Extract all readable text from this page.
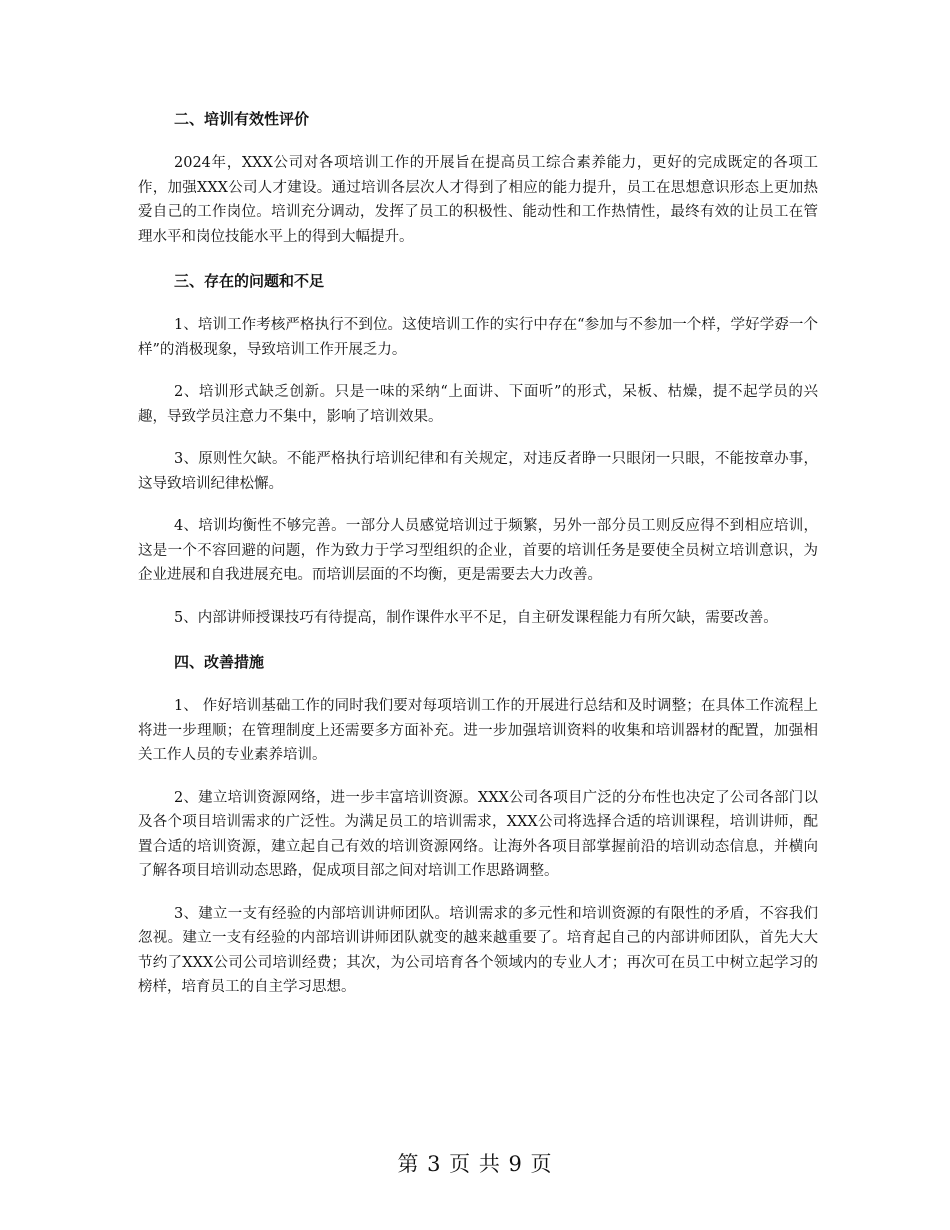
二、培训有效性评价

2024年，XXX公司对各项培训工作的开展旨在提高员工综合素养能力，更好的完成既定的各项工作，加强XXX公司人才建设。通过培训各层次人才得到了相应的能力提升，员工在思想意识形态上更加热爱自己的工作岗位。培训充分调动，发挥了员工的积极性、能动性和工作热情性，最终有效的让员工在管理水平和岗位技能水平上的得到大幅提升。

三、存在的问题和不足

1、培训工作考核严格执行不到位。这使培训工作的实行中存在“参加与不参加一个样，学好学孬一个样”的消极现象，导致培训工作开展乏力。

2、培训形式缺乏创新。只是一味的采纳“上面讲、下面听”的形式，呆板、枯燥，提不起学员的兴趣，导致学员注意力不集中，影响了培训效果。

3、原则性欠缺。不能严格执行培训纪律和有关规定，对违反者睁一只眼闭一只眼，不能按章办事，这导致培训纪律松懈。

4、培训均衡性不够完善。一部分人员感觉培训过于频繁，另外一部分员工则反应得不到相应培训，这是一个不容回避的问题，作为致力于学习型组织的企业，首要的培训任务是要使全员树立培训意识，为企业进展和自我进展充电。而培训层面的不均衡，更是需要去大力改善。

5、内部讲师授课技巧有待提高，制作课件水平不足，自主研发课程能力有所欠缺，需要改善。

四、改善措施

1、 作好培训基础工作的同时我们要对每项培训工作的开展进行总结和及时调整；在具体工作流程上将进一步理顺；在管理制度上还需要多方面补充。进一步加强培训资料的收集和培训器材的配置，加强相关工作人员的专业素养培训。

2、建立培训资源网络，进一步丰富培训资源。XXX公司各项目广泛的分布性也决定了公司各部门以及各个项目培训需求的广泛性。为满足员工的培训需求，XXX公司将选择合适的培训课程，培训讲师，配置合适的培训资源，建立起自己有效的培训资源网络。让海外各项目部掌握前沿的培训动态信息，并横向了解各项目培训动态思路，促成项目部之间对培训工作思路调整。

3、建立一支有经验的内部培训讲师团队。培训需求的多元性和培训资源的有限性的矛盾，不容我们忽视。建立一支有经验的内部培训讲师团队就变的越来越重要了。培育起自己的内部讲师团队，首先大大节约了XXX公司公司培训经费；其次，为公司培育各个领域内的专业人才；再次可在员工中树立起学习的榜样，培育员工的自主学习思想。

第 3 页 共 9 页
